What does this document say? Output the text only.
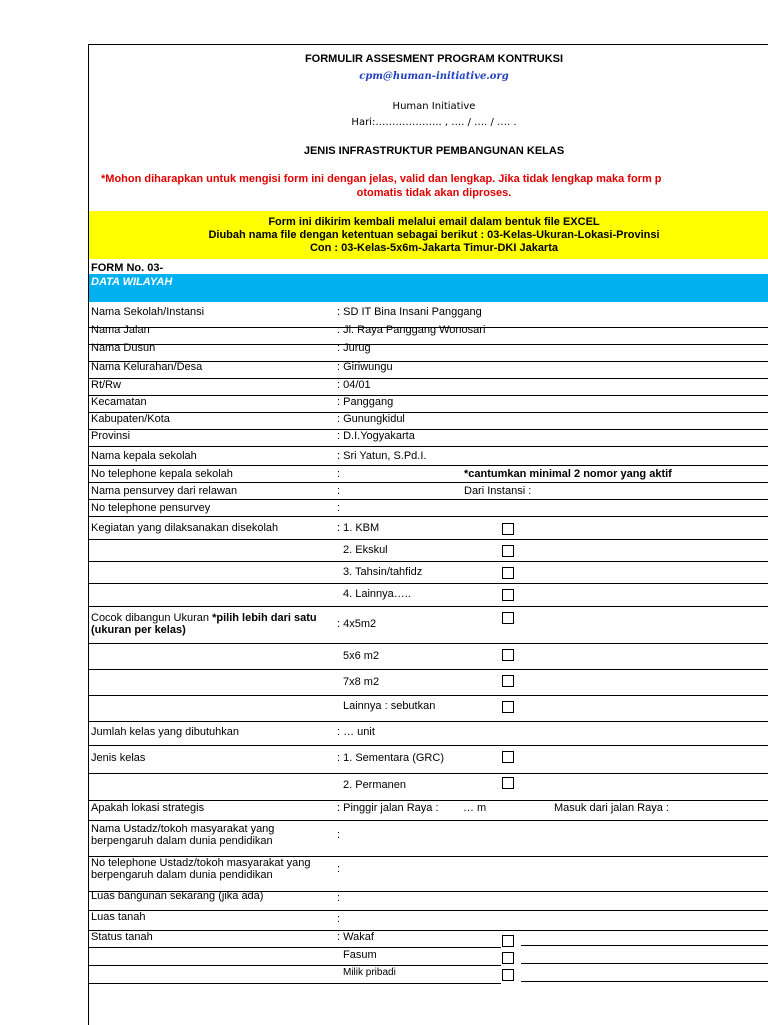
FORMULIR ASSESMENT PROGRAM KONTRUKSI
cpm@human-initiative.org
Human Initiative
Hari:……………….. , …. / …. / …. .
JENIS INFRASTRUKTUR PEMBANGUNAN KELAS
*Mohon diharapkan untuk mengisi form ini dengan jelas, valid dan lengkap. Jika tidak lengkap maka form p
otomatis tidak akan diproses.
Form ini dikirim kembali melalui email dalam bentuk file EXCEL
Diubah nama file dengan ketentuan sebagai berikut : 03-Kelas-Ukuran-Lokasi-Provinsi
Con : 03-Kelas-5x6m-Jakarta Timur-DKI Jakarta
FORM No. 03-
DATA WILAYAH
Nama Sekolah/Instansi	: SD IT Bina Insani Panggang
Nama Jalan	: Jl. Raya Panggang Wonosari
Nama Dusun	: Jurug
Nama Kelurahan/Desa	: Giriwungu
Rt/Rw	: 04/01
Kecamatan	: Panggang
Kabupaten/Kota	: Gunungkidul
Provinsi	: D.I.Yogyakarta
Nama kepala sekolah	: Sri Yatun, S.Pd.I.
No telephone kepala sekolah	:	*cantumkan minimal 2 nomor yang aktif
Nama pensurvey dari relawan	:	Dari Instansi :
No telephone pensurvey	:
Kegiatan yang dilaksanakan disekolah	: 1. KBM
2. Ekskul
3. Tahsin/tahfidz
4. Lainnya…..
Cocok dibangun Ukuran *pilih lebih dari satu
(ukuran per kelas)	: 4x5m2
5x6 m2
7x8 m2
Lainnya : sebutkan
Jumlah kelas yang dibutuhkan	: … unit
Jenis kelas	: 1. Sementara (GRC)
2. Permanen
Apakah lokasi strategis	: Pinggir jalan Raya : … m	Masuk dari jalan Raya :
Nama Ustadz/tokoh masyarakat yang berpengaruh dalam dunia pendidikan	:
No telephone Ustadz/tokoh masyarakat yang berpengaruh dalam dunia pendidikan	:
Luas bangunan sekarang (jika ada)	:
Luas tanah	:
Status tanah	: Wakaf
Fasum
Milik pribadi
